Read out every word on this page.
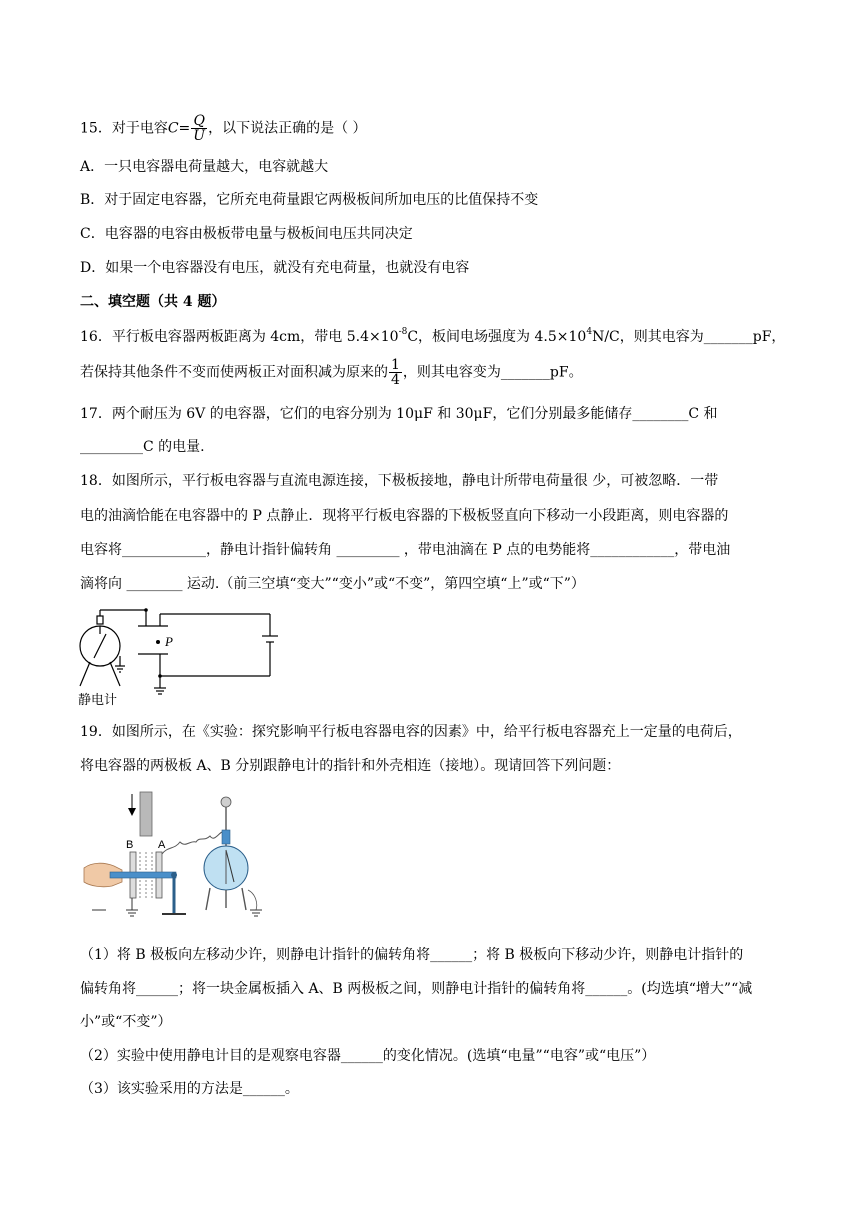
15．对于电容$C= \frac{Q}{U}$ ，以下说法正确的是（ ）
A．一只电容器电荷量越大，电容就越大
B．对于固定电容器，它所充电荷量跟它两极板间所加电压的比值保持不变
C．电容器的电容由极板带电量与极板间电压共同决定
D．如果一个电容器没有电压，就没有充电荷量，也就没有电容
二、填空题（共 4 题）
16．平行板电容器两板距离为 4cm，带电 $5.4\times 10^{-8}C$，板间电场强度为 $4.5\times 10^4N/C$，则其电容为_______pF，
若保持其他条件不变而使两板正对面积减为原来的 $\frac{1}{4}$ ，则其电容变为_______pF。
17．两个耐压为 6V 的电容器，它们的电容分别为 10μF 和 30μF，它们分别最多能储存________C 和
_________C 的电量.
18．如图所示，平行板电容器与直流电源连接，下极板接地，静电计所带电荷量很 少，可被忽略．一带
电的油滴恰能在电容器中的 P 点静止．现将平行板电容器的下极板竖直向下移动一小段距离，则电容器的
电容将____________，静电计指针偏转角 _________ ，带电油滴在 P 点的电势能将____________，带电油
滴将向 ________ 运动.（前三空填“变大”“变小”或“不变”，第四空填“上”或“下”）
P
静电计
19．如图所示，在《实验：探究影响平行板电容器电容的因素》中，给平行板电容器充上一定量的电荷后，
将电容器的两极板 A、B 分别跟静电计的指针和外壳相连（接地）。现请回答下列问题：
B A
（1）将 B 极板向左移动少许，则静电计指针的偏转角将______；将 B 极板向下移动少许，则静电计指针的
偏转角将______；将一块金属板插入 A、B 两极板之间，则静电计指针的偏转角将______。(均选填“增大”“减
小”或“不变”）
（2）实验中使用静电计目的是观察电容器______的变化情况。(选填“电量”“电容”或“电压”）
（3）该实验采用的方法是______。
